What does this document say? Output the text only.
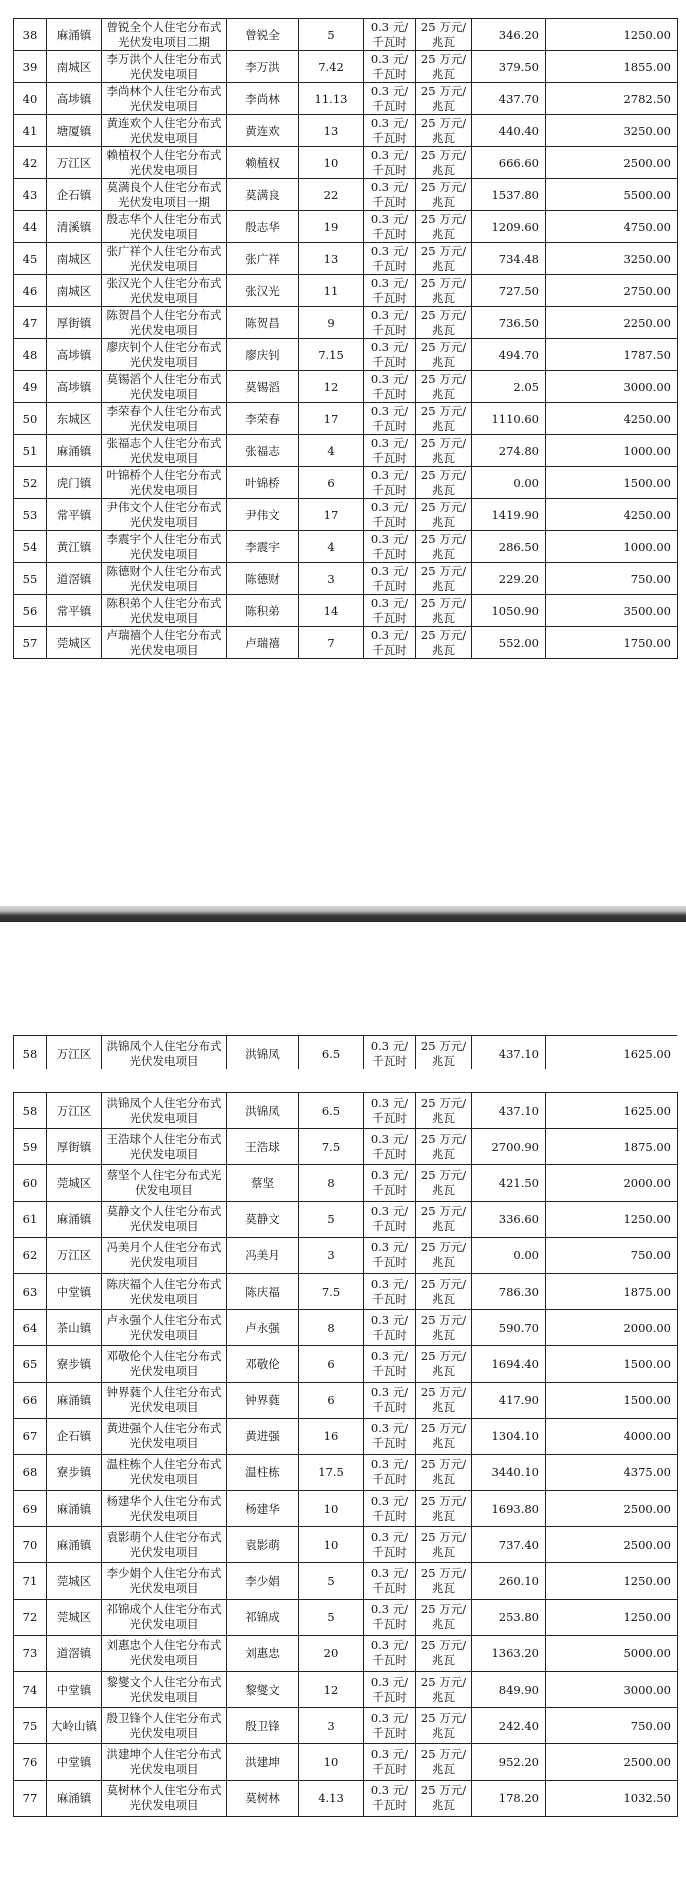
38	麻涌镇	曾锐全个人住宅分布式
光伏发电项目二期	曾锐全	5	0.3 元/
千瓦时	25 万元/
兆瓦	346.20	1250.00
39	南城区	李万洪个人住宅分布式
光伏发电项目	李万洪	7.42	0.3 元/
千瓦时	25 万元/
兆瓦	379.50	1855.00
40	高埗镇	李尚林个人住宅分布式
光伏发电项目	李尚林	11.13	0.3 元/
千瓦时	25 万元/
兆瓦	437.70	2782.50
41	塘厦镇	黄连欢个人住宅分布式
光伏发电项目	黄连欢	13	0.3 元/
千瓦时	25 万元/
兆瓦	440.40	3250.00
42	万江区	赖植权个人住宅分布式
光伏发电项目	赖植权	10	0.3 元/
千瓦时	25 万元/
兆瓦	666.60	2500.00
43	企石镇	莫满良个人住宅分布式
光伏发电项目一期	莫满良	22	0.3 元/
千瓦时	25 万元/
兆瓦	1537.80	5500.00
44	清溪镇	殷志华个人住宅分布式
光伏发电项目	殷志华	19	0.3 元/
千瓦时	25 万元/
兆瓦	1209.60	4750.00
45	南城区	张广祥个人住宅分布式
光伏发电项目	张广祥	13	0.3 元/
千瓦时	25 万元/
兆瓦	734.48	3250.00
46	南城区	张汉光个人住宅分布式
光伏发电项目	张汉光	11	0.3 元/
千瓦时	25 万元/
兆瓦	727.50	2750.00
47	厚街镇	陈贺昌个人住宅分布式
光伏发电项目	陈贺昌	9	0.3 元/
千瓦时	25 万元/
兆瓦	736.50	2250.00
48	高埗镇	廖庆钊个人住宅分布式
光伏发电项目	廖庆钊	7.15	0.3 元/
千瓦时	25 万元/
兆瓦	494.70	1787.50
49	高埗镇	莫锡滔个人住宅分布式
光伏发电项目	莫锡滔	12	0.3 元/
千瓦时	25 万元/
兆瓦	2.05	3000.00
50	东城区	李荣春个人住宅分布式
光伏发电项目	李荣春	17	0.3 元/
千瓦时	25 万元/
兆瓦	1110.60	4250.00
51	麻涌镇	张福志个人住宅分布式
光伏发电项目	张福志	4	0.3 元/
千瓦时	25 万元/
兆瓦	274.80	1000.00
52	虎门镇	叶锦桥个人住宅分布式
光伏发电项目	叶锦桥	6	0.3 元/
千瓦时	25 万元/
兆瓦	0.00	1500.00
53	常平镇	尹伟文个人住宅分布式
光伏发电项目	尹伟文	17	0.3 元/
千瓦时	25 万元/
兆瓦	1419.90	4250.00
54	黄江镇	李震宇个人住宅分布式
光伏发电项目	李震宇	4	0.3 元/
千瓦时	25 万元/
兆瓦	286.50	1000.00
55	道滘镇	陈德财个人住宅分布式
光伏发电项目	陈德财	3	0.3 元/
千瓦时	25 万元/
兆瓦	229.20	750.00
56	常平镇	陈积弟个人住宅分布式
光伏发电项目	陈积弟	14	0.3 元/
千瓦时	25 万元/
兆瓦	1050.90	3500.00
57	莞城区	卢瑞禧个人住宅分布式
光伏发电项目	卢瑞禧	7	0.3 元/
千瓦时	25 万元/
兆瓦	552.00	1750.00
58	万江区	洪锦凤个人住宅分布式
光伏发电项目	洪锦凤	6.5	0.3 元/
千瓦时	25 万元/
兆瓦	437.10	1625.00
58	万江区	洪锦凤个人住宅分布式
光伏发电项目	洪锦凤	6.5	0.3 元/
千瓦时	25 万元/
兆瓦	437.10	1625.00
59	厚街镇	王浩球个人住宅分布式
光伏发电项目	王浩球	7.5	0.3 元/
千瓦时	25 万元/
兆瓦	2700.90	1875.00
60	莞城区	蔡坚个人住宅分布式光
伏发电项目	蔡坚	8	0.3 元/
千瓦时	25 万元/
兆瓦	421.50	2000.00
61	麻涌镇	莫静文个人住宅分布式
光伏发电项目	莫静文	5	0.3 元/
千瓦时	25 万元/
兆瓦	336.60	1250.00
62	万江区	冯美月个人住宅分布式
光伏发电项目	冯美月	3	0.3 元/
千瓦时	25 万元/
兆瓦	0.00	750.00
63	中堂镇	陈庆福个人住宅分布式
光伏发电项目	陈庆福	7.5	0.3 元/
千瓦时	25 万元/
兆瓦	786.30	1875.00
64	茶山镇	卢永强个人住宅分布式
光伏发电项目	卢永强	8	0.3 元/
千瓦时	25 万元/
兆瓦	590.70	2000.00
65	寮步镇	邓敬伦个人住宅分布式
光伏发电项目	邓敬伦	6	0.3 元/
千瓦时	25 万元/
兆瓦	1694.40	1500.00
66	麻涌镇	钟界蕤个人住宅分布式
光伏发电项目	钟界蕤	6	0.3 元/
千瓦时	25 万元/
兆瓦	417.90	1500.00
67	企石镇	黄进强个人住宅分布式
光伏发电项目	黄进强	16	0.3 元/
千瓦时	25 万元/
兆瓦	1304.10	4000.00
68	寮步镇	温柱栋个人住宅分布式
光伏发电项目	温柱栋	17.5	0.3 元/
千瓦时	25 万元/
兆瓦	3440.10	4375.00
69	麻涌镇	杨建华个人住宅分布式
光伏发电项目	杨建华	10	0.3 元/
千瓦时	25 万元/
兆瓦	1693.80	2500.00
70	麻涌镇	袁影萌个人住宅分布式
光伏发电项目	袁影萌	10	0.3 元/
千瓦时	25 万元/
兆瓦	737.40	2500.00
71	莞城区	李少娟个人住宅分布式
光伏发电项目	李少娟	5	0.3 元/
千瓦时	25 万元/
兆瓦	260.10	1250.00
72	莞城区	祁锦成个人住宅分布式
光伏发电项目	祁锦成	5	0.3 元/
千瓦时	25 万元/
兆瓦	253.80	1250.00
73	道滘镇	刘惠忠个人住宅分布式
光伏发电项目	刘惠忠	20	0.3 元/
千瓦时	25 万元/
兆瓦	1363.20	5000.00
74	中堂镇	黎燮文个人住宅分布式
光伏发电项目	黎燮文	12	0.3 元/
千瓦时	25 万元/
兆瓦	849.90	3000.00
75	大岭山镇	殷卫锋个人住宅分布式
光伏发电项目	殷卫锋	3	0.3 元/
千瓦时	25 万元/
兆瓦	242.40	750.00
76	中堂镇	洪建坤个人住宅分布式
光伏发电项目	洪建坤	10	0.3 元/
千瓦时	25 万元/
兆瓦	952.20	2500.00
77	麻涌镇	莫树林个人住宅分布式
光伏发电项目	莫树林	4.13	0.3 元/
千瓦时	25 万元/
兆瓦	178.20	1032.50
